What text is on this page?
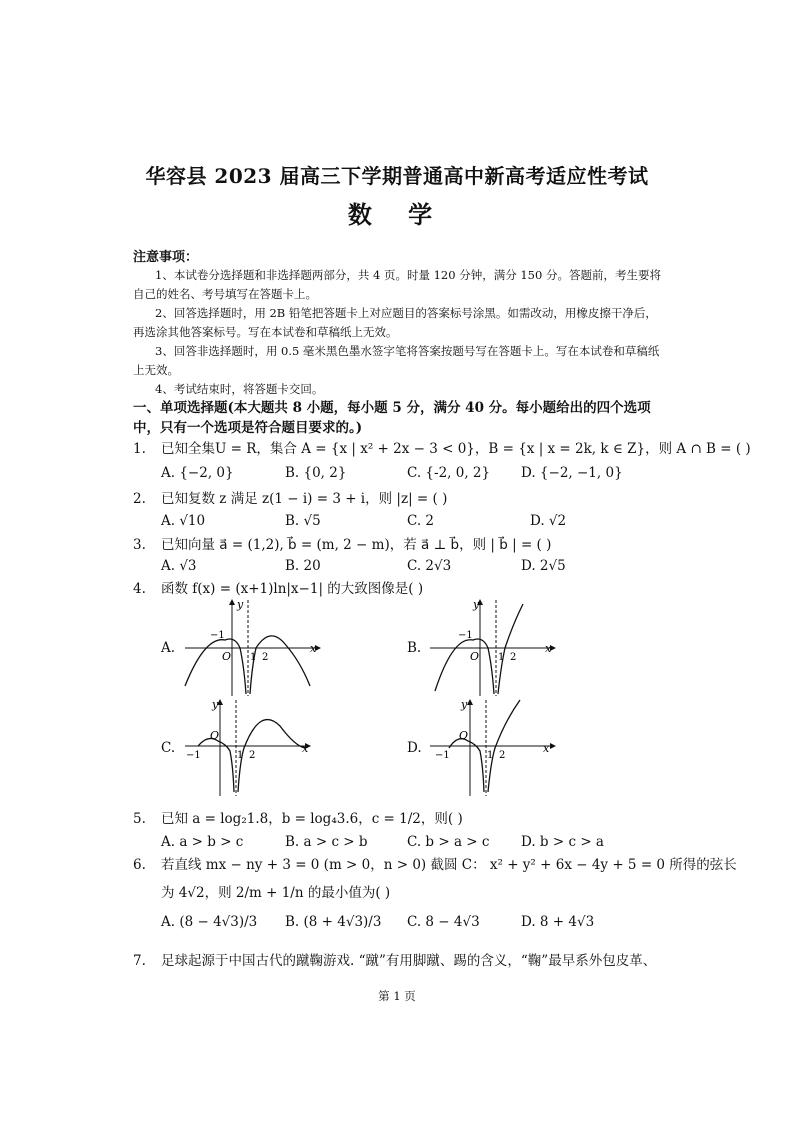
华容县 2023 届高三下学期普通高中新高考适应性考试
数 学
注意事项：
1、本试卷分选择题和非选择题两部分，共 4 页。时量 120 分钟，满分 150 分。答题前，考生要将自己的姓名、考号填写在答题卡上。
2、回答选择题时，用 2B 铅笔把答题卡上对应题目的答案标号涂黑。如需改动，用橡皮擦干净后，再选涂其他答案标号。写在本试卷和草稿纸上无效。
3、回答非选择题时，用 0.5 毫米黑色墨水签字笔将答案按题号写在答题卡上。写在本试卷和草稿纸上无效。
4、考试结束时，将答题卡交回。
一、单项选择题(本大题共 8 小题，每小题 5 分，满分 40 分。每小题给出的四个选项中，只有一个选项是符合题目要求的。)
1. 已知全集U = R，集合 A = {x | x² + 2x − 3 < 0}，B = {x | x = 2k, k ∈ Z}，则 A ∩ B = ( )
A. {−2, 0}	B. {0, 2}	C. {-2, 0, 2} D. {−2, −1, 0}
2. 已知复数 z 满足 z(1 − i) = 3 + i，则 |z| = ( )
A. √10	B. √5	C. 2	D. √2
3. 已知向量 a⃗ = (1,2), b⃗ = (m, 2 − m)，若 a⃗ ⊥ b⃗，则 | b⃗ | = ( )
A. √3	B. 20	C. 2√3	D. 2√5
4. 函数 f(x) = (x+1)ln|x−1| 的大致图像是( )
A.	B.
C.	D.
y
x
O
−1
1 2
y
x
O
−1
1 2
y
x
O
−1	1 2
y
x
O
−1	1 2
5. 已知 a = log₂1.8，b = log₄3.6，c = 1/2，则( )
A. a > b > c	B. a > c > b	C. b > a > c D. b > c > a
6. 若直线 mx − ny + 3 = 0 (m > 0，n > 0) 截圆 C： x² + y² + 6x − 4y + 5 = 0 所得的弦长
为 4√2，则 2/m + 1/n 的最小值为( )
A. (8 − 4√3)/3 B. (8 + 4√3)/3 C. 8 − 4√3	D. 8 + 4√3
7. 足球起源于中国古代的蹴鞠游戏. “蹴”有用脚蹴、踢的含义，“鞠”最早系外包皮革、
第 1 页
